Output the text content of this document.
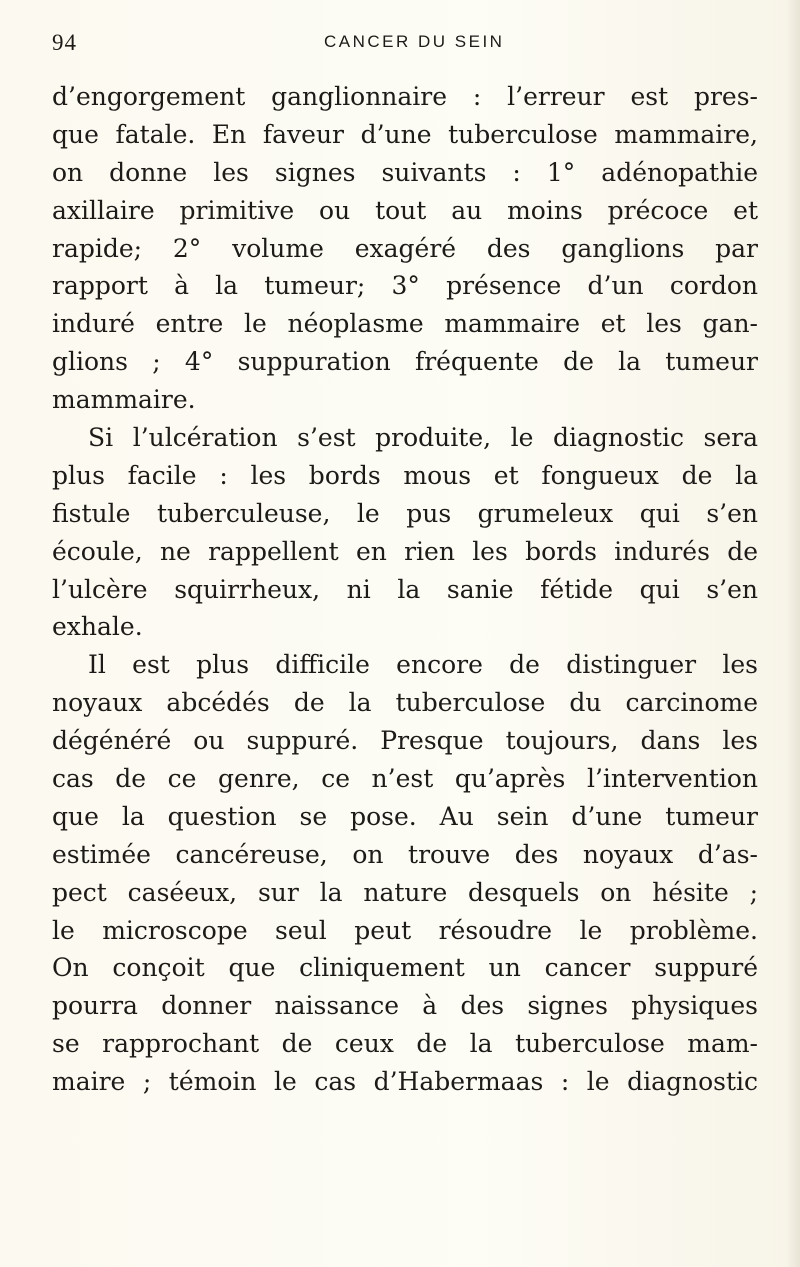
94	CANCER DU SEIN
d’engorgement ganglionnaire : l’erreur est pres-
que fatale. En faveur d’une tuberculose mammaire,
on donne les signes suivants : 1° adénopathie
axillaire primitive ou tout au moins précoce et
rapide; 2° volume exagéré des ganglions par
rapport à la tumeur; 3° présence d’un cordon
induré entre le néoplasme mammaire et les gan-
glions ; 4° suppuration fréquente de la tumeur
mammaire.
Si l’ulcération s’est produite, le diagnostic sera
plus facile : les bords mous et fongueux de la
fistule tuberculeuse, le pus grumeleux qui s’en
écoule, ne rappellent en rien les bords indurés de
l’ulcère squirrheux, ni la sanie fétide qui s’en
exhale.
Il est plus difficile encore de distinguer les
noyaux abcédés de la tuberculose du carcinome
dégénéré ou suppuré. Presque toujours, dans les
cas de ce genre, ce n’est qu’après l’intervention
que la question se pose. Au sein d’une tumeur
estimée cancéreuse, on trouve des noyaux d’as-
pect caséeux, sur la nature desquels on hésite ;
le microscope seul peut résoudre le problème.
On conçoit que cliniquement un cancer suppuré
pourra donner naissance à des signes physiques
se rapprochant de ceux de la tuberculose mam-
maire ; témoin le cas d’Habermaas : le diagnostic
